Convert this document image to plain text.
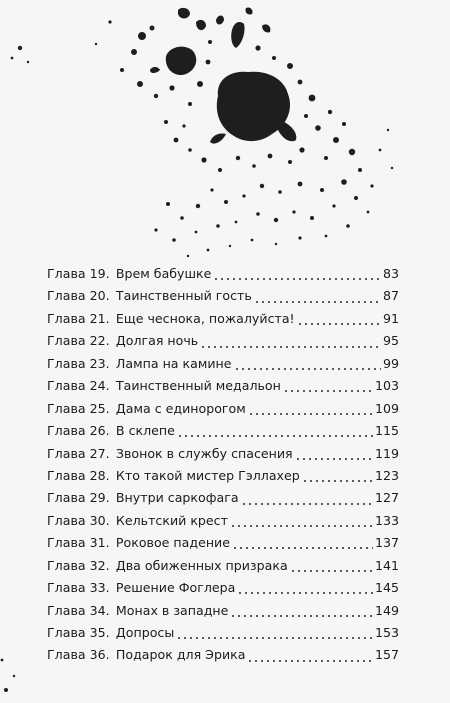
Глава 19. Врем бабушке	83
Глава 20. Таинственный гость	87
Глава 21. Еще чеснока, пожалуйста!	91
Глава 22. Долгая ночь	95
Глава 23. Лампа на камине	99
Глава 24. Таинственный медальон	103
Глава 25. Дама с единорогом	109
Глава 26. В склепе	115
Глава 27. Звонок в службу спасения	119
Глава 28. Кто такой мистер Гэллахер	123
Глава 29. Внутри саркофага	127
Глава 30. Кельтский крест	133
Глава 31. Роковое падение	137
Глава 32. Два обиженных призрака	141
Глава 33. Решение Фоглера	145
Глава 34. Монах в западне	149
Глава 35. Допросы	153
Глава 36. Подарок для Эрика	157
